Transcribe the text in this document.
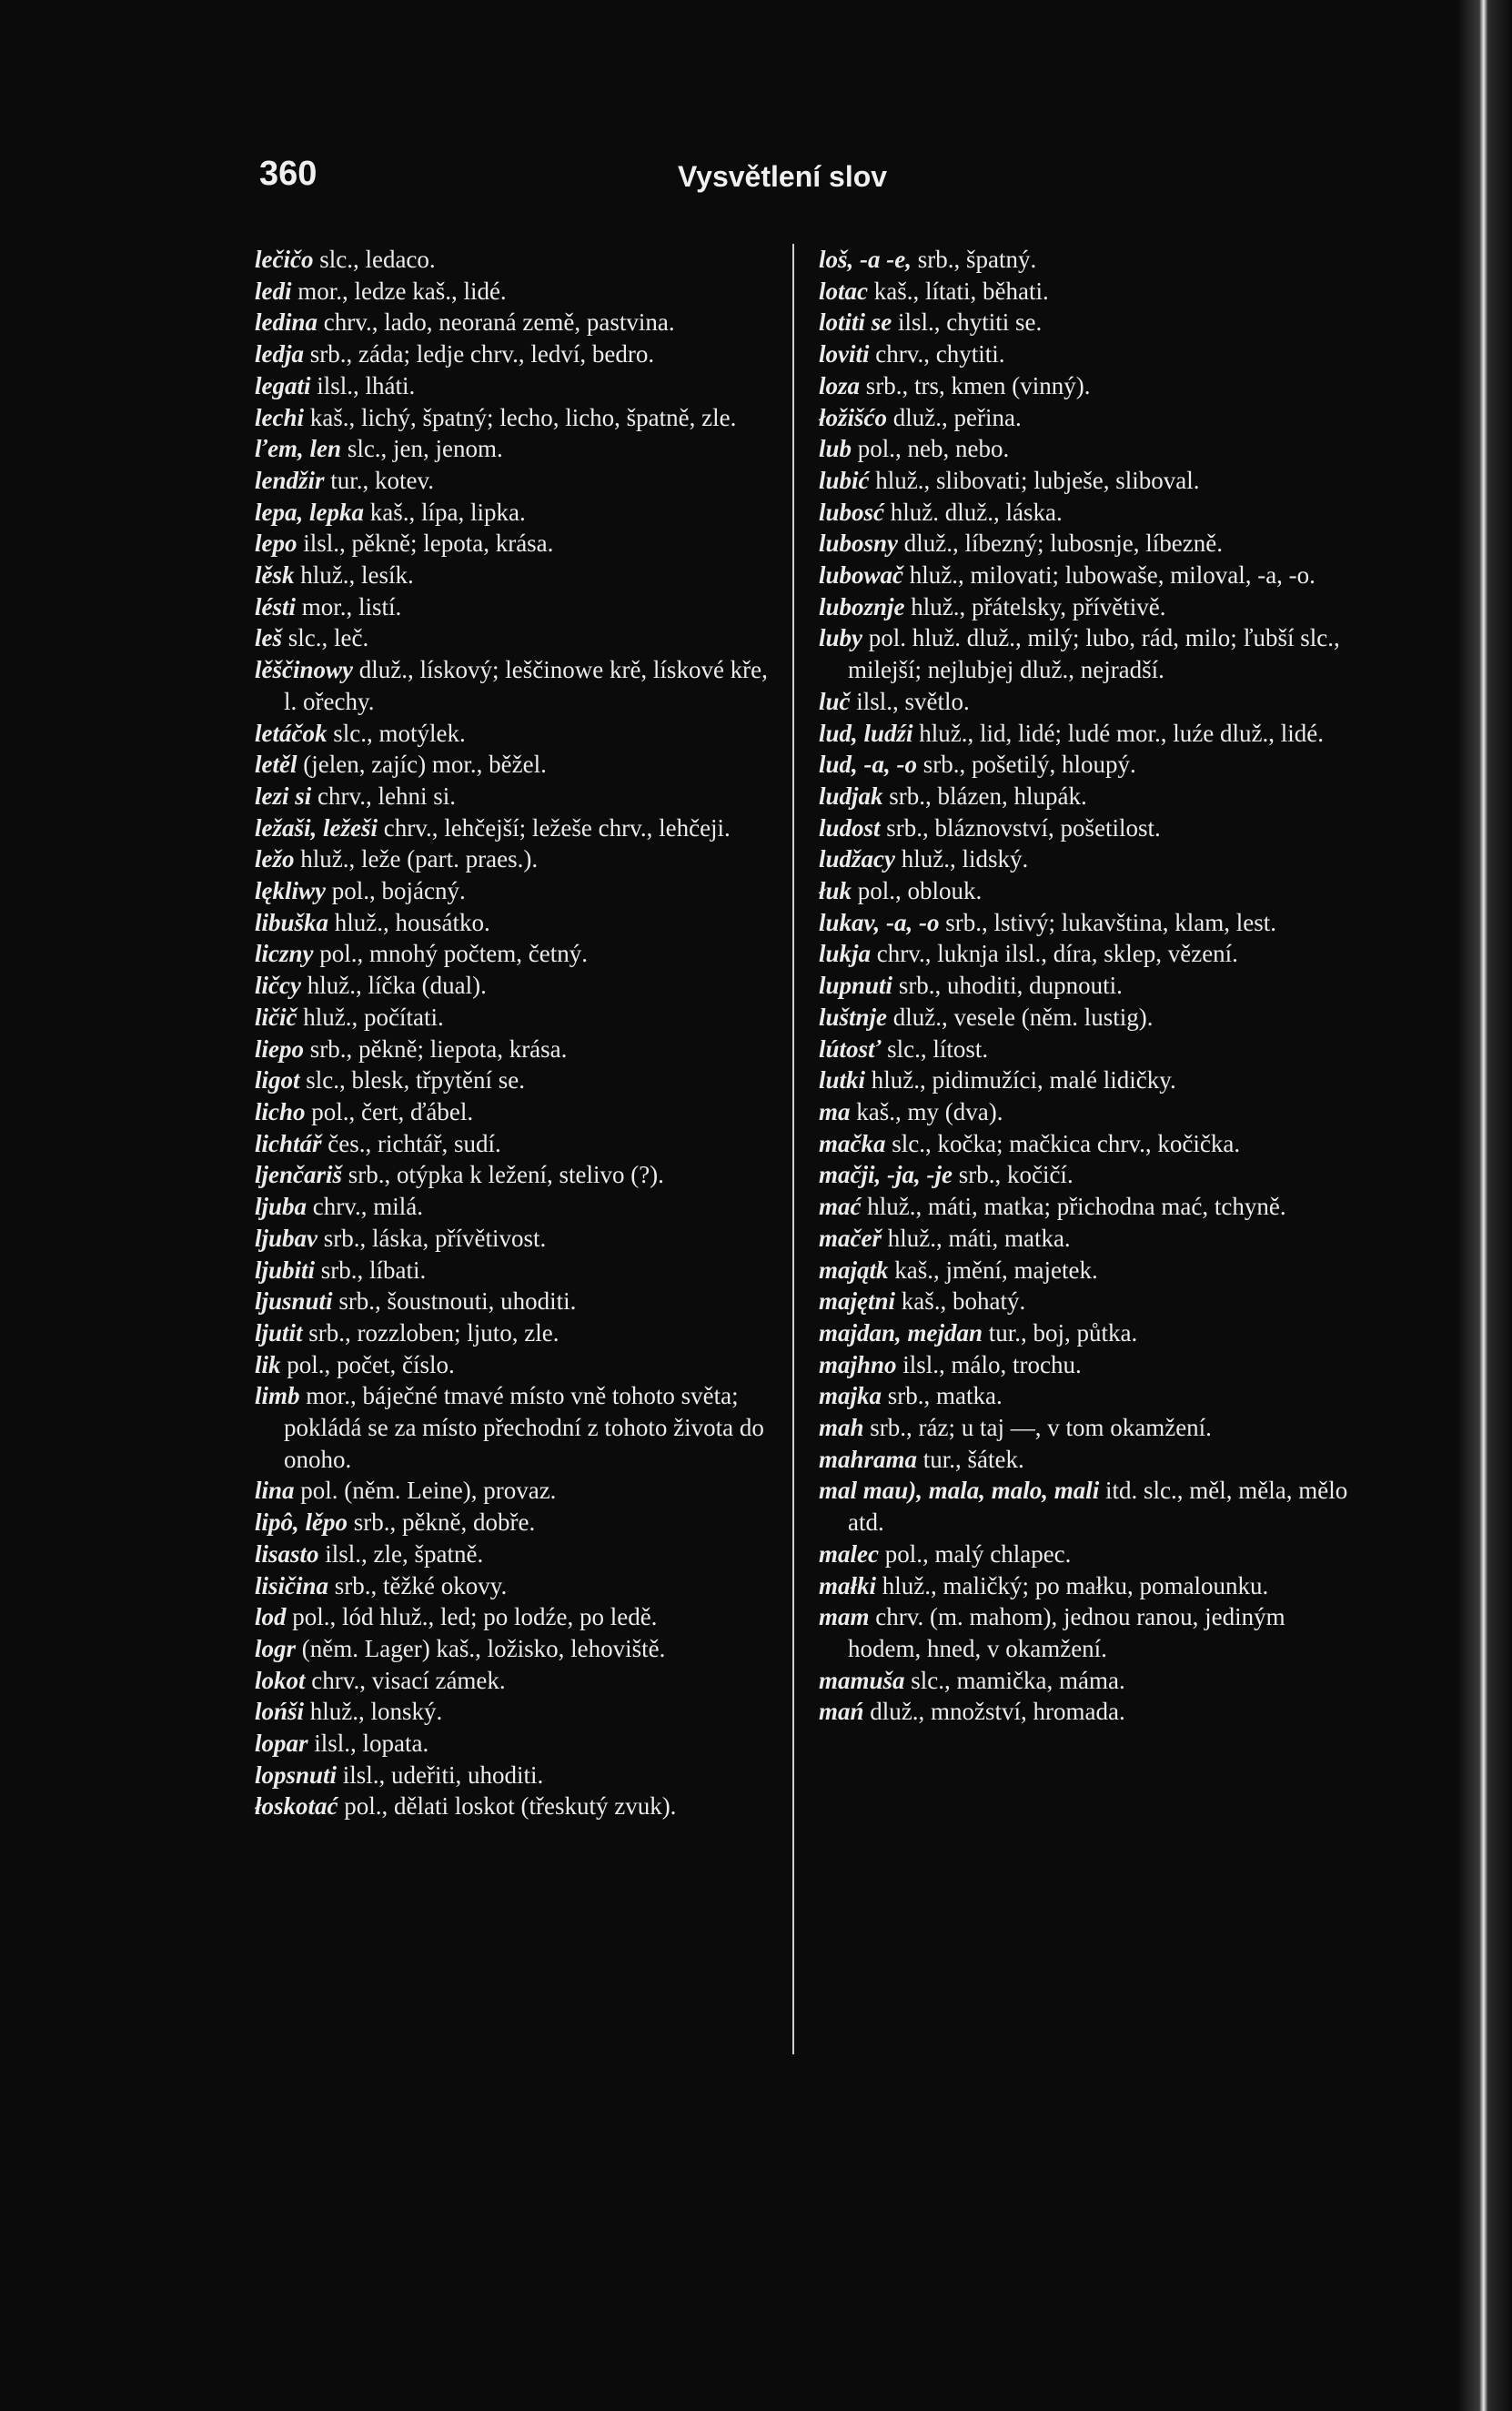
360	Vysvětlení slov

lečičo slc., ledaco.

ledi mor., ledze kaš., lidé.

ledina chrv., lado, neoraná země, pastvina.

ledja srb., záda; ledje chrv., ledví, bedro.

legati ilsl., lháti.

lechi kaš., lichý, špatný; lecho, licho, špatně, zle.

ľem, len slc., jen, jenom.

lendžir tur., kotev.

lepa, lepka kaš., lípa, lipka.

lepo ilsl., pěkně; lepota, krása.

lěsk hluž., lesík.

lésti mor., listí.

leš slc., leč.

lěščinowy dluž., lískový; leščinowe krě, lískové kře, l. ořechy.

letáčok slc., motýlek.

letěl (jelen, zajíc) mor., běžel.

lezi si chrv., lehni si.

ležaši, ležeši chrv., lehčejší; ležeše chrv., lehčeji.

ležo hluž., leže (part. praes.).

lękliwy pol., bojácný.

libuška hluž., housátko.

liczny pol., mnohý počtem, četný.

ličcy hluž., líčka (dual).

ličič hluž., počítati.

liepo srb., pěkně; liepota, krása.

ligot slc., blesk, třpytění se.

licho pol., čert, ďábel.

lichtář čes., richtář, sudí.

ljenčariš srb., otýpka k ležení, stelivo (?).

ljuba chrv., milá.

ljubav srb., láska, přívětivost.

ljubiti srb., líbati.

ljusnuti srb., šoustnouti, uhoditi.

ljutit srb., rozzloben; ljuto, zle.

lik pol., počet, číslo.

limb mor., báječné tmavé místo vně tohoto světa; pokládá se za místo přechodní z tohoto života do onoho.

lina pol. (něm. Leine), provaz.

lipô, lěpo srb., pěkně, dobře.

lisasto ilsl., zle, špatně.

lisičina srb., těžké okovy.

lod pol., lód hluž., led; po lodźe, po ledě.

logr (něm. Lager) kaš., ložisko, lehoviště.

lokot chrv., visací zámek.

lońši hluž., lonský.

lopar ilsl., lopata.

lopsnuti ilsl., udeřiti, uhoditi.

łoskotać pol., dělati loskot (třeskutý zvuk).

loš, -a -e, srb., špatný.

lotac kaš., lítati, běhati.

lotiti se ilsl., chytiti se.

loviti chrv., chytiti.

loza srb., trs, kmen (vinný).

łožišćo dluž., peřina.

lub pol., neb, nebo.

lubić hluž., slibovati; lubješe, sliboval.

lubosć hluž. dluž., láska.

lubosny dluž., líbezný; lubosnje, líbezně.

lubowač hluž., milovati; lubowaše, miloval, -a, -o.

luboznje hluž., přátelsky, přívětivě.

luby pol. hluž. dluž., milý; lubo, rád, milo; ľubší slc., milejší; nejlubjej dluž., nejradší.

luč ilsl., světlo.

lud, ludźi hluž., lid, lidé; ludé mor., luźe dluž., lidé.

lud, -a, -o srb., pošetilý, hloupý.

ludjak srb., blázen, hlupák.

ludost srb., bláznovství, pošetilost.

ludžacy hluž., lidský.

łuk pol., oblouk.

lukav, -a, -o srb., lstivý; lukavština, klam, lest.

lukja chrv., luknja ilsl., díra, sklep, vězení.

lupnuti srb., uhoditi, dupnouti.

luštnje dluž., vesele (něm. lustig).

lútosť slc., lítost.

lutki hluž., pidimužíci, malé lidičky.

ma kaš., my (dva).

mačka slc., kočka; mačkica chrv., kočička.

mačji, -ja, -je srb., kočičí.

mać hluž., máti, matka; přichodna mać, tchyně.

mačeř hluž., máti, matka.

majątk kaš., jmění, majetek.

majętni kaš., bohatý.

majdan, mejdan tur., boj, půtka.

majhno ilsl., málo, trochu.

majka srb., matka.

mah srb., ráz; u taj —, v tom okamžení.

mahrama tur., šátek.

mal mau), mala, malo, mali itd. slc., měl, měla, mělo atd.

malec pol., malý chlapec.

małki hluž., maličký; po małku, pomalounku.

mam chrv. (m. mahom), jednou ranou, jediným hodem, hned, v okamžení.

mamuša slc., mamička, máma.

mań dluž., množství, hromada.
